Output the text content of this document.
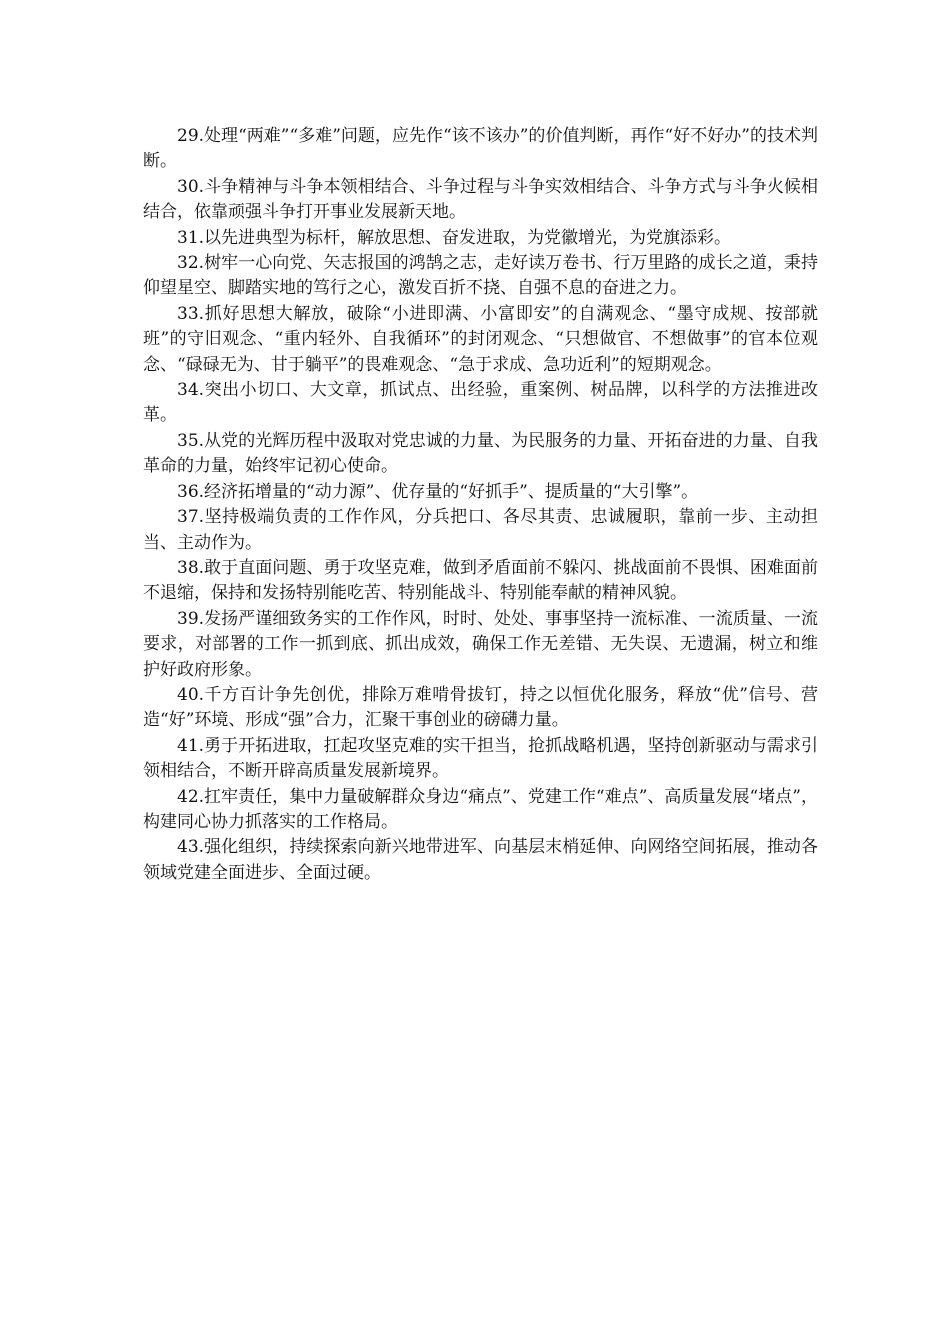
29.处理“两难”“多难”问题，应先作“该不该办”的价值判断，再作“好不好办”的技术判断。

30.斗争精神与斗争本领相结合、斗争过程与斗争实效相结合、斗争方式与斗争火候相结合，依靠顽强斗争打开事业发展新天地。

31.以先进典型为标杆，解放思想、奋发进取，为党徽增光，为党旗添彩。

32.树牢一心向党、矢志报国的鸿鹄之志，走好读万卷书、行万里路的成长之道，秉持仰望星空、脚踏实地的笃行之心，激发百折不挠、自强不息的奋进之力。

33.抓好思想大解放，破除“小进即满、小富即安”的自满观念、“墨守成规、按部就班”的守旧观念、“重内轻外、自我循环”的封闭观念、“只想做官、不想做事”的官本位观念、“碌碌无为、甘于躺平”的畏难观念、“急于求成、急功近利”的短期观念。

34.突出小切口、大文章，抓试点、出经验，重案例、树品牌，以科学的方法推进改革。

35.从党的光辉历程中汲取对党忠诚的力量、为民服务的力量、开拓奋进的力量、自我革命的力量，始终牢记初心使命。

36.经济拓增量的“动力源”、优存量的“好抓手”、提质量的“大引擎”。

37.坚持极端负责的工作作风，分兵把口、各尽其责、忠诚履职，靠前一步、主动担当、主动作为。

38.敢于直面问题、勇于攻坚克难，做到矛盾面前不躲闪、挑战面前不畏惧、困难面前不退缩，保持和发扬特别能吃苦、特别能战斗、特别能奉献的精神风貌。

39.发扬严谨细致务实的工作作风，时时、处处、事事坚持一流标准、一流质量、一流要求，对部署的工作一抓到底、抓出成效，确保工作无差错、无失误、无遗漏，树立和维护好政府形象。

40.千方百计争先创优，排除万难啃骨拔钉，持之以恒优化服务，释放“优”信号、营造“好”环境、形成“强”合力，汇聚干事创业的磅礴力量。

41.勇于开拓进取，扛起攻坚克难的实干担当，抢抓战略机遇，坚持创新驱动与需求引领相结合，不断开辟高质量发展新境界。

42.扛牢责任，集中力量破解群众身边“痛点”、党建工作“难点”、高质量发展“堵点”，构建同心协力抓落实的工作格局。

43.强化组织，持续探索向新兴地带进军、向基层末梢延伸、向网络空间拓展，推动各领域党建全面进步、全面过硬。
